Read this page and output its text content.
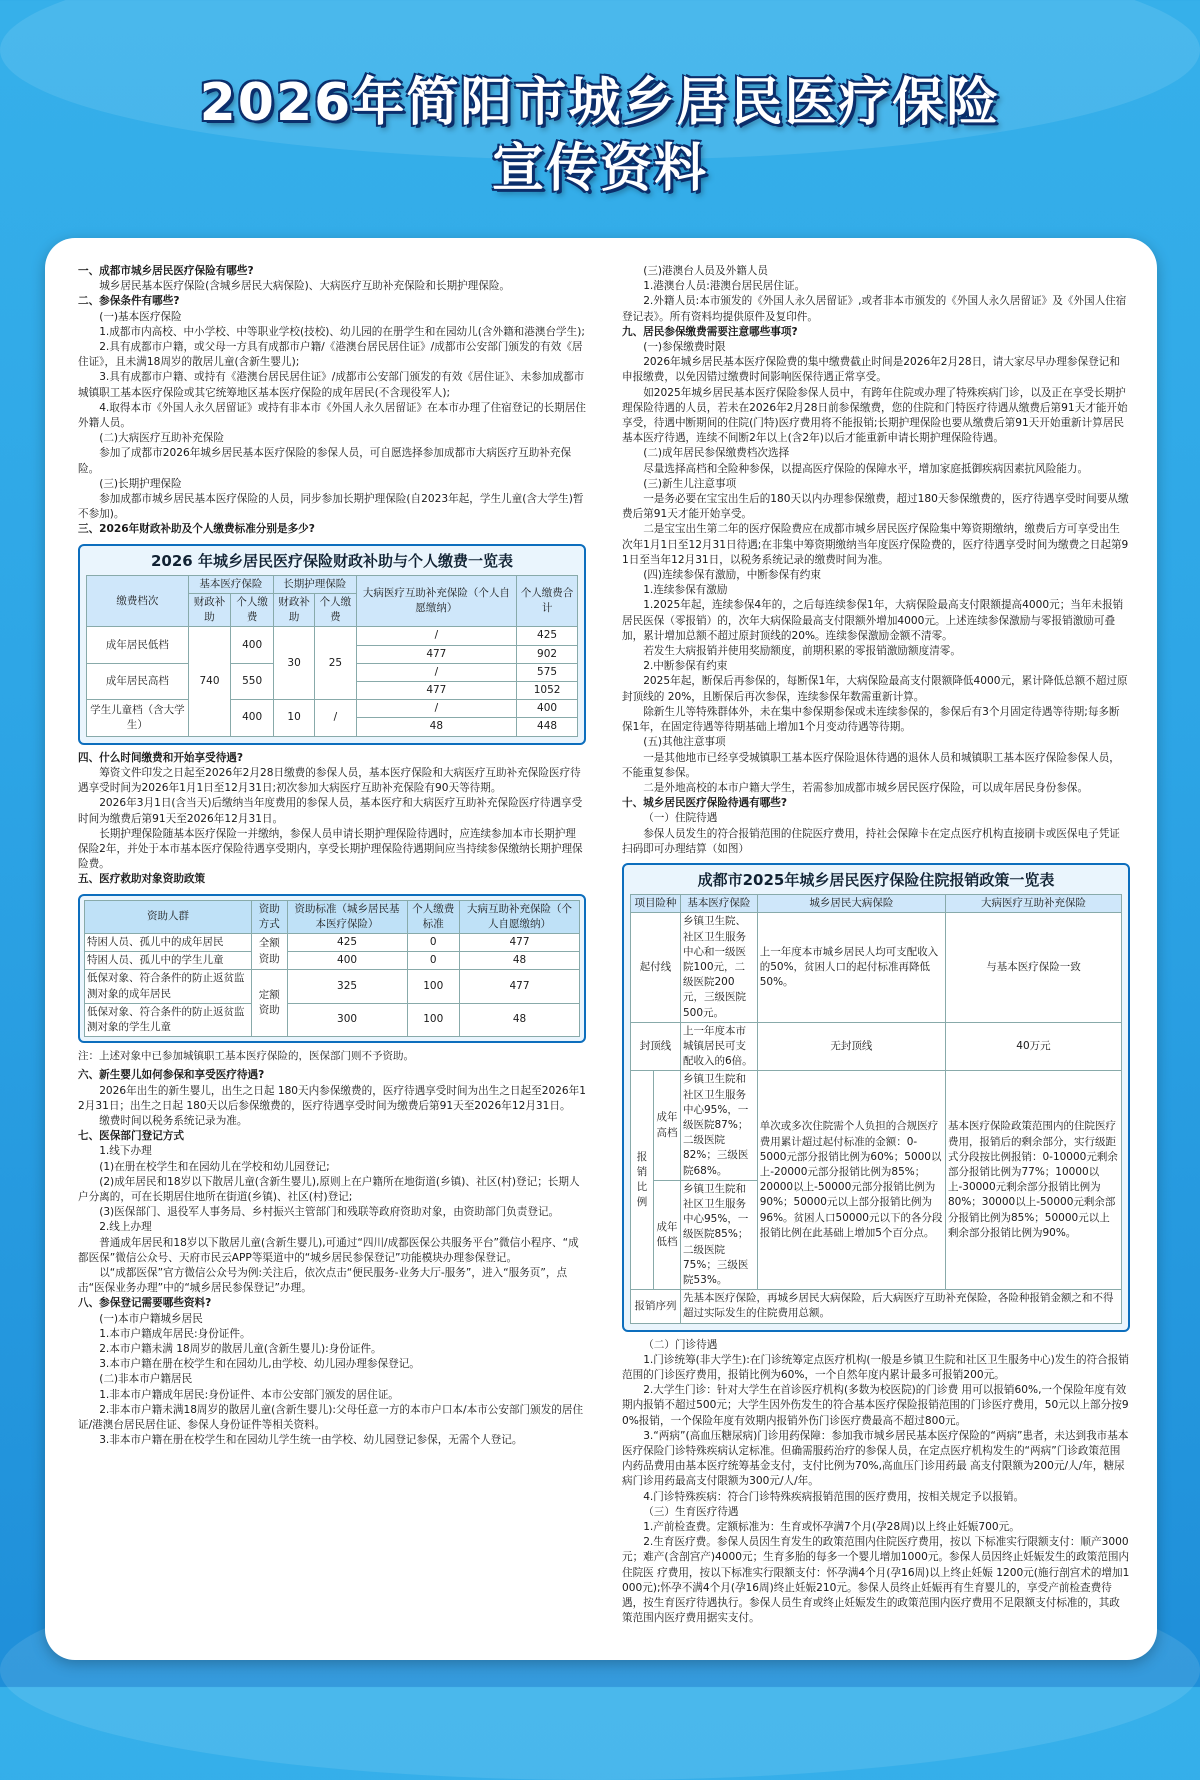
2026年简阳市城乡居民医疗保险
宣传资料

一、成都市城乡居民医疗保险有哪些?

城乡居民基本医疗保险(含城乡居民大病保险)、大病医疗互助补充保险和长期护理保险。

二、参保条件有哪些?

(一)基本医疗保险

1.成都市内高校、中小学校、中等职业学校(技校)、幼儿园的在册学生和在园幼儿(含外籍和港澳台学生);

2.具有成都市户籍，或父母一方具有成都市户籍/《港澳台居民居住证》/成都市公安部门颁发的有效《居住证》，且未满18周岁的散居儿童(含新生婴儿);

3.具有成都市户籍、或持有《港澳台居民居住证》/成都市公安部门颁发的有效《居住证》、未参加成都市城镇职工基本医疗保险或其它统筹地区基本医疗保险的成年居民(不含现役军人);

4.取得本市《外国人永久居留证》或持有非本市《外国人永久居留证》在本市办理了住宿登记的长期居住外籍人员。

(二)大病医疗互助补充保险

参加了成都市2026年城乡居民基本医疗保险的参保人员，可自愿选择参加成都市大病医疗互助补充保险。

(三)长期护理保险

参加成都市城乡居民基本医疗保险的人员，同步参加长期护理保险(自2023年起，学生儿童(含大学生)暂不参加)。

三、2026年财政补助及个人缴费标准分别是多少?

2026 年城乡居民医疗保险财政补助与个人缴费一览表
缴费档次	基本医疗保险		长期护理保险		大病医疗互助补充保险（个人自愿缴纳）	个人缴费合计
	财政补助	个人缴费	财政补助	个人缴费		
成年居民低档	740	400	30	25	/	425
					477	902
成年居民高档		550			/	575
					477	1052
学生儿童档（含大学生）		400	10	/	/	400
					48	448

四、什么时间缴费和开始享受待遇?

筹资文件印发之日起至2026年2月28日缴费的参保人员，基本医疗保险和大病医疗互助补充保险医疗待遇享受时间为2026年1月1日至12月31日;初次参加大病医疗互助补充保险有90天等待期。

2026年3月1日(含当天)后缴纳当年度费用的参保人员，基本医疗和大病医疗互助补充保险医疗待遇享受时间为缴费后第91天至2026年12月31日。

长期护理保险随基本医疗保险一并缴纳，参保人员申请长期护理保险待遇时，应连续参加本市长期护理保险2年，并处于本市基本医疗保险待遇享受期内，享受长期护理保险待遇期间应当持续参保缴纳长期护理保险费。

五、医疗救助对象资助政策

资助人群	资助方式	资助标准（城乡居民基本医疗保险）	个人缴费标准	大病互助补充保险（个人自愿缴纳）
特困人员、孤儿中的成年居民	全额资助	425	0	477
特困人员、孤儿中的学生儿童		400	0	48
低保对象、符合条件的防止返贫监测对象的成年居民	定额资助	325	100	477
低保对象、符合条件的防止返贫监测对象的学生儿童		300	100	48

注：上述对象中已参加城镇职工基本医疗保险的，医保部门则不予资助。

六、新生婴儿如何参保和享受医疗待遇?

2026年出生的新生婴儿，出生之日起 180天内参保缴费的，医疗待遇享受时间为出生之日起至2026年12月31日；出生之日起 180天以后参保缴费的，医疗待遇享受时间为缴费后第91天至2026年12月31日。

缴费时间以税务系统记录为准。

七、医保部门登记方式

1.线下办理

(1)在册在校学生和在园幼儿在学校和幼儿园登记;

(2)成年居民和18岁以下散居儿童(含新生婴儿),原则上在户籍所在地街道(乡镇)、社区(村)登记；长期人户分离的，可在长期居住地所在街道(乡镇)、社区(村)登记;

(3)医保部门、退役军人事务局、乡村振兴主管部门和残联等政府资助对象，由资助部门负责登记。

2.线上办理

普通成年居民和18岁以下散居儿童(含新生婴儿),可通过“四川/成都医保公共服务平台”微信小程序、“成都医保”微信公众号、天府市民云APP等渠道中的“城乡居民参保登记”功能模块办理参保登记。

以“成都医保”官方微信公众号为例:关注后，依次点击“便民服务-业务大厅-服务”，进入“服务页”，点击“医保业务办理”中的“城乡居民参保登记”办理。

八、参保登记需要哪些资料?

(一)本市户籍城乡居民

1.本市户籍成年居民:身份证件。

2.本市户籍未满 18周岁的散居儿童(含新生婴儿):身份证件。

3.本市户籍在册在校学生和在园幼儿,由学校、幼儿园办理参保登记。

(二)非本市户籍居民

1.非本市户籍成年居民:身份证件、本市公安部门颁发的居住证。

2.非本市户籍未满18周岁的散居儿童(含新生婴儿):父母任意一方的本市户口本/本市公安部门颁发的居住证/港澳台居民居住证、参保人身份证件等相关资料。

3.非本市户籍在册在校学生和在园幼儿学生统一由学校、幼儿园登记参保，无需个人登记。

(三)港澳台人员及外籍人员

1.港澳台人员:港澳台居民居住证。

2.外籍人员:本市颁发的《外国人永久居留证》,或者非本市颁发的《外国人永久居留证》及《外国人住宿登记表》。所有资料均提供原件及复印件。

九、居民参保缴费需要注意哪些事项?

(一)参保缴费时限

2026年城乡居民基本医疗保险费的集中缴费截止时间是2026年2月28日，请大家尽早办理参保登记和申报缴费，以免因错过缴费时间影响医保待遇正常享受。

如2025年城乡居民基本医疗保险参保人员中，有跨年住院或办理了特殊疾病门诊，以及正在享受长期护理保险待遇的人员，若未在2026年2月28日前参保缴费，您的住院和门特医疗待遇从缴费后第91天才能开始享受，待遇中断期间的住院(门特)医疗费用将不能报销;长期护理保险也要从缴费后第91天开始重新计算居民基本医疗待遇，连续不间断2年以上(含2年)以后才能重新申请长期护理保险待遇。

(二)成年居民参保缴费档次选择

尽量选择高档和全险种参保，以提高医疗保险的保障水平，增加家庭抵御疾病因素抗风险能力。

(三)新生儿注意事项

一是务必要在宝宝出生后的180天以内办理参保缴费，超过180天参保缴费的，医疗待遇享受时间要从缴费后第91天才能开始享受。

二是宝宝出生第二年的医疗保险费应在成都市城乡居民医疗保险集中筹资期缴纳，缴费后方可享受出生次年1月1日至12月31日待遇;在非集中筹资期缴纳当年度医疗保险费的，医疗待遇享受时间为缴费之日起第91日至当年12月31日，以税务系统记录的缴费时间为准。

(四)连续参保有激励，中断参保有约束

1.连续参保有激励

1.2025年起，连续参保4年的，之后每连续参保1年，大病保险最高支付限额提高4000元；当年未报销居民医保（零报销）的，次年大病保险最高支付限额外增加4000元。上述连续参保激励与零报销激励可叠加，累计增加总额不超过原封顶线的20%。连续参保激励金额不清零。

若发生大病报销并使用奖励额度，前期积累的零报销激励额度清零。

2.中断参保有约束

2025年起，断保后再参保的，每断保1年，大病保险最高支付限额降低4000元，累计降低总额不超过原封顶线的 20%，且断保后再次参保，连续参保年数需重新计算。

除新生儿等特殊群体外，未在集中参保期参保或未连续参保的，参保后有3个月固定待遇等待期;每多断保1年，在固定待遇等待期基础上增加1个月变动待遇等待期。

(五)其他注意事项

一是其他地市已经享受城镇职工基本医疗保险退休待遇的退休人员和城镇职工基本医疗保险参保人员，不能重复参保。

二是外地高校的本市户籍大学生，若需参加成都市城乡居民医疗保险，可以成年居民身份参保。

十、城乡居民医疗保险待遇有哪些?

（一）住院待遇

参保人员发生的符合报销范围的住院医疗费用，持社会保障卡在定点医疗机构直接刷卡或医保电子凭证扫码即可办理结算（如图）

成都市2025年城乡居民医疗保险住院报销政策一览表
项目险种		基本医疗保险	城乡居民大病保险	大病医疗互助补充保险
起付线		乡镇卫生院、社区卫生服务中心和一级医院100元，二级医院200元，三级医院500元。	上一年度本市城乡居民人均可支配收入的50%，贫困人口的起付标准再降低50%。	与基本医疗保险一致
封顶线		上一年度本市城镇居民可支配收入的6倍。	无封顶线	40万元
报销比例	成年 高档	乡镇卫生院和社区卫生服务中心95%，一级医院87%；二级医院82%；三级医院68%。	单次或多次住院需个人负担的合规医疗费用累计超过起付标准的金额：0-5000元部分报销比例为60%；5000以上-20000元部分报销比例为85%；20000以上-50000元部分报销比例为90%；50000元以上部分报销比例为96%。贫困人口50000元以下的各分段报销比例在此基础上增加5个百分点。	基本医疗保险政策范围内的住院医疗费用，报销后的剩余部分，实行级距式分段按比例报销：0-10000元剩余部分报销比例为77%；10000以上-30000元剩余部分报销比例为80%；30000以上-50000元剩余部分报销比例为85%；50000元以上剩余部分报销比例为90%。
	成年 低档	乡镇卫生院和社区卫生服务中心95%，一级医院85%；二级医院75%；三级医院53%。		
报销序列		先基本医疗保险，再城乡居民大病保险，后大病医疗互助补充保险，各险种报销金额之和不得超过实际发生的住院费用总额。		

（二）门诊待遇

1.门诊统筹(非大学生):在门诊统筹定点医疗机构(一般是乡镇卫生院和社区卫生服务中心)发生的符合报销范围的门诊医疗费用，报销比例为60%，一个自然年度内累计最多可报销200元。

2.大学生门诊：针对大学生在首诊医疗机构(多数为校医院)的门诊费 用可以报销60%,一个保险年度有效期内报销不超过500元；大学生因外伤发生的符合基本医疗保险报销范围的门诊医疗费用，50元以上部分按90%报销，一个保险年度有效期内报销外伤门诊医疗费最高不超过800元。

3.“两病”(高血压糖尿病)门诊用药保障：参加我市城乡居民基本医疗保险的“两病”患者，未达到我市基本医疗保险门诊特殊疾病认定标准。但确需服药治疗的参保人员，在定点医疗机构发生的“两病”门诊政策范围 内药品费用由基本医疗统筹基金支付，支付比例为70%,高血压门诊用药最 高支付限额为200元/人/年，糖尿病门诊用药最高支付限额为300元/人/年。

4.门诊特殊疾病：符合门诊特殊疾病报销范围的医疗费用，按相关规定予以报销。

（三）生育医疗待遇

1.产前检查费。定额标准为：生育或怀孕满7个月(孕28周)以上终止妊娠700元。

2.生育医疗费。参保人员因生育发生的政策范围内住院医疗费用，按以 下标准实行限额支付：顺产3000元；难产(含剖宫产)4000元；生育多胎的每多一个婴儿增加1000元。参保人员因终止妊娠发生的政策范围内住院医 疗费用，按以下标准实行限额支付：怀孕满4个月(孕16周)以上终止妊娠 1200元(施行剖宫术的增加1000元);怀孕不满4个月(孕16周)终止妊娠210元。参保人员终止妊娠再有生育婴儿的，享受产前检查费待遇，按生育医疗待遇执行。参保人员生育或终止妊娠发生的政策范围内医疗费用不足限额支付标准的，其政策范围内医疗费用据实支付。
